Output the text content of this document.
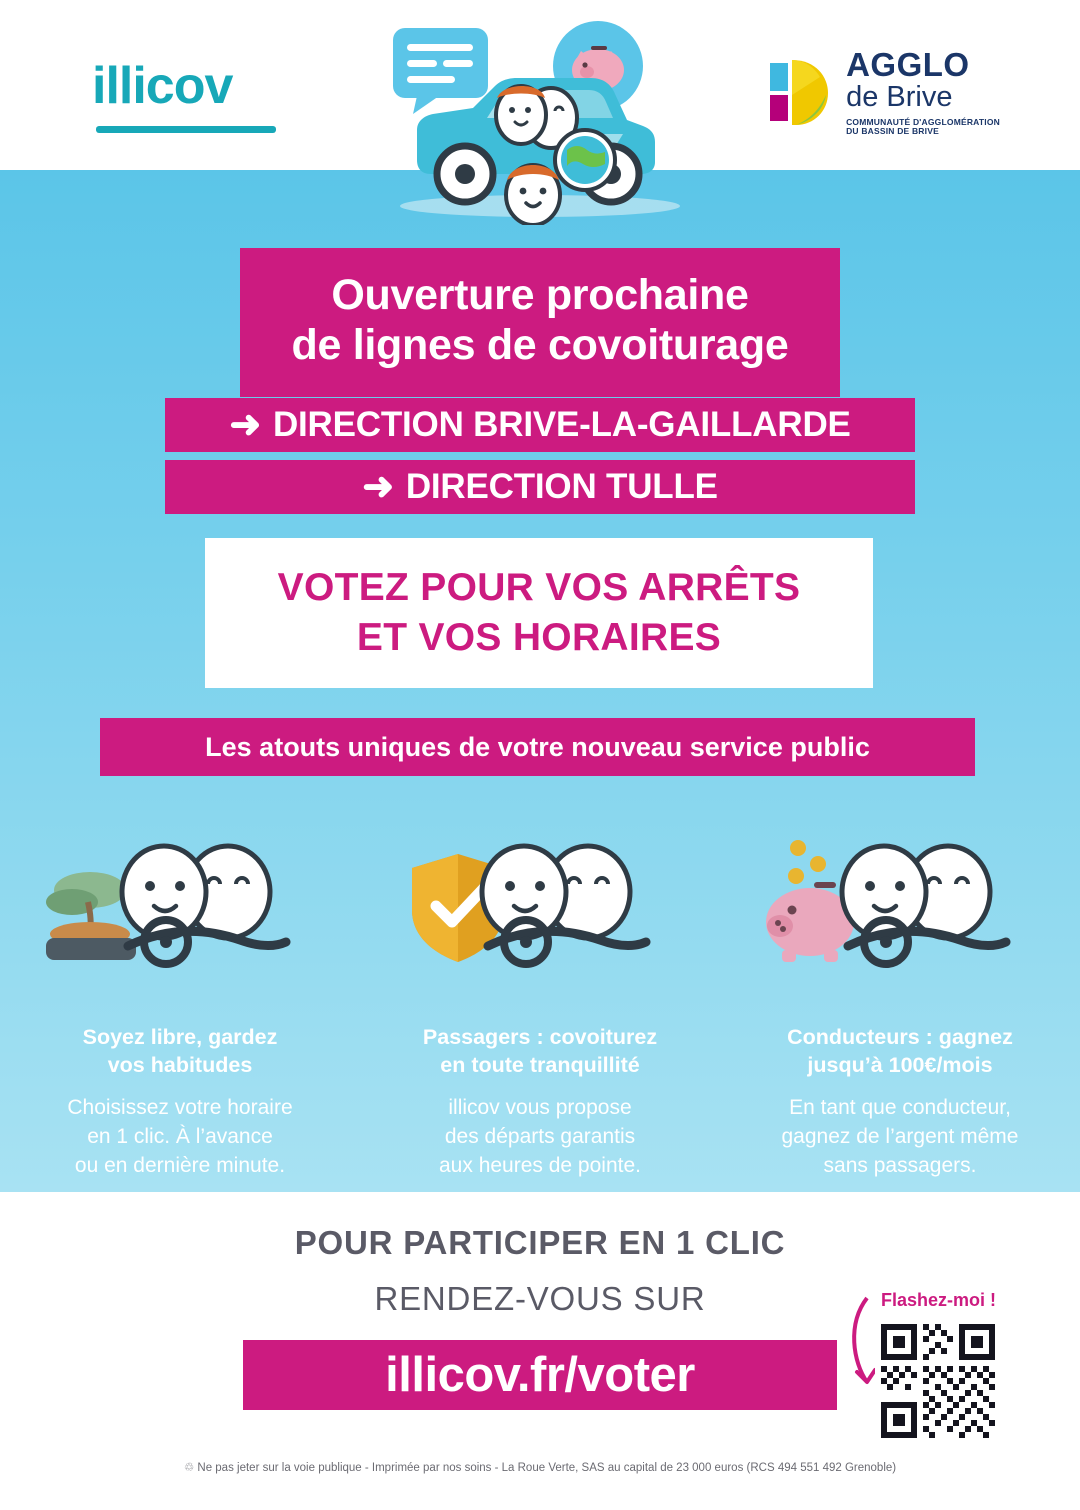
illicov	AGGLO
de Brive
COMMUNAUTÉ D'AGGLOMÉRATION
DU BASSIN DE BRIVE
Ouverture prochaine
de lignes de covoiturage
➜ DIRECTION BRIVE-LA-GAILLARDE
➜ DIRECTION TULLE
VOTEZ POUR VOS ARRÊTS
ET VOS HORAIRES
Les atouts uniques de votre nouveau service public
Soyez libre, gardez
vos habitudes
Choisissez votre horaire
en 1 clic. À l’avance
ou en dernière minute.
Passagers : covoiturez
en toute tranquillité
illicov vous propose
des départs garantis
aux heures de pointe.
Conducteurs : gagnez
jusqu’à 100€/mois
En tant que conducteur,
gagnez de l’argent même
sans passagers.
POUR PARTICIPER EN 1 CLIC
RENDEZ-VOUS SUR
illicov.fr/voter
Flashez-moi !
♲ Ne pas jeter sur la voie publique - Imprimée par nos soins - La Roue Verte, SAS au capital de 23 000 euros (RCS 494 551 492 Grenoble)
